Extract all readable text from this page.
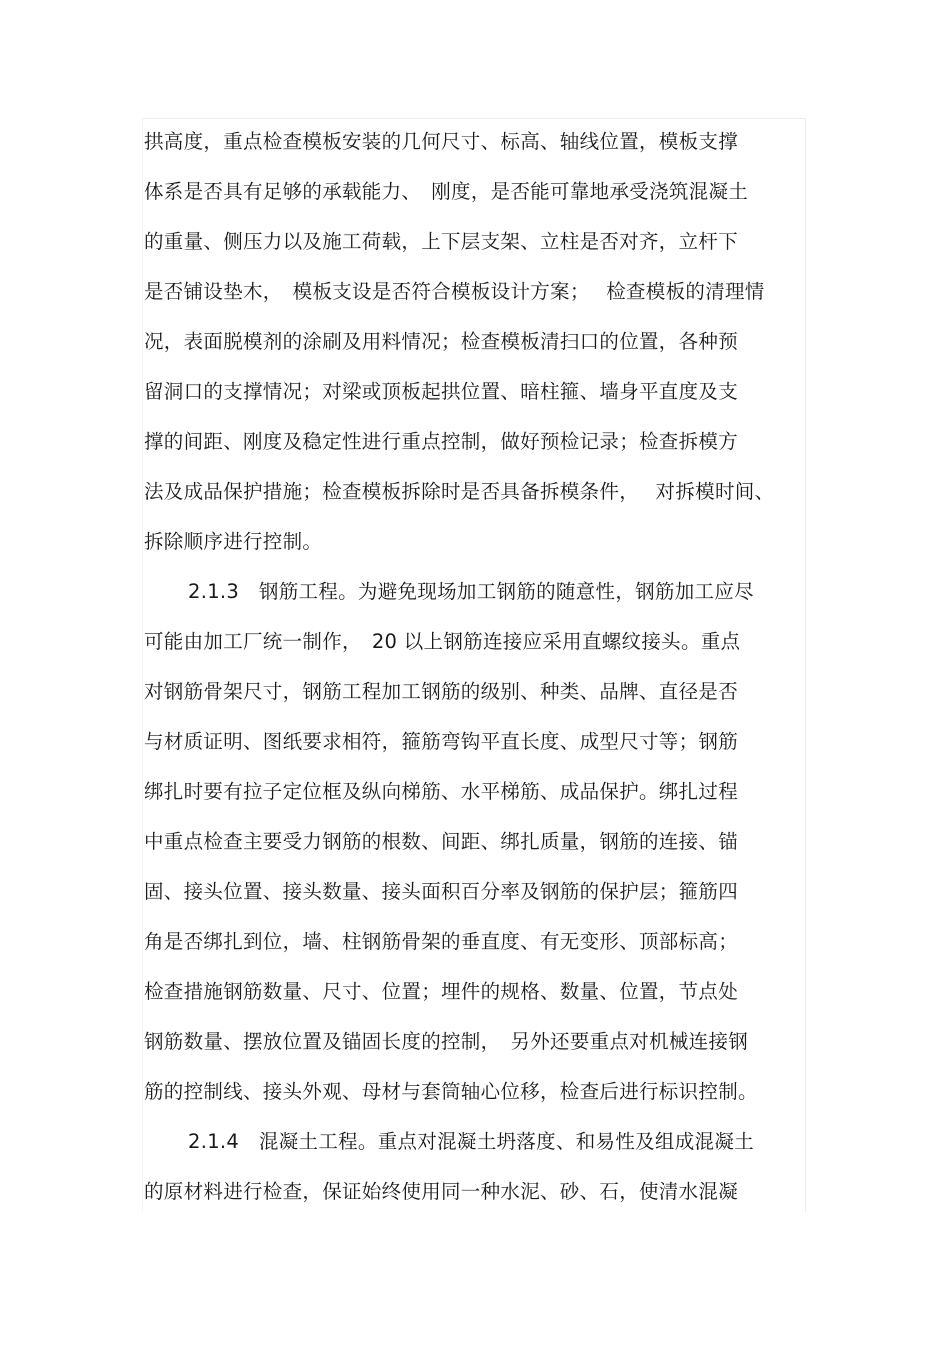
拱高度，重点检查模板安装的几何尺寸、标高、轴线位置，模板支撑
体系是否具有足够的承载能力、　刚度，是否能可靠地承受浇筑混凝土
的重量、侧压力以及施工荷载，上下层支架、立柱是否对齐，立杆下
是否铺设垫木，　模板支设是否符合模板设计方案；　 检查模板的清理情
况，表面脱模剂的涂刷及用料情况；检查模板清扫口的位置，各种预
留洞口的支撑情况；对梁或顶板起拱位置、暗柱箍、墙身平直度及支
撑的间距、刚度及稳定性进行重点控制，做好预检记录；检查拆模方
法及成品保护措施；检查模板拆除时是否具备拆模条件，　 对拆模时间、
拆除顺序进行控制。
2.1.3　钢筋工程。为避免现场加工钢筋的随意性，钢筋加工应尽
可能由加工厂统一制作，　20 以上钢筋连接应采用直螺纹接头。重点
对钢筋骨架尺寸，钢筋工程加工钢筋的级别、种类、品牌、直径是否
与材质证明、图纸要求相符，箍筋弯钩平直长度、成型尺寸等；钢筋
绑扎时要有拉子定位框及纵向梯筋、水平梯筋、成品保护。绑扎过程
中重点检查主要受力钢筋的根数、间距、绑扎质量，钢筋的连接、锚
固、接头位置、接头数量、接头面积百分率及钢筋的保护层；箍筋四
角是否绑扎到位，墙、柱钢筋骨架的垂直度、有无变形、顶部标高；
检查措施钢筋数量、尺寸、位置；埋件的规格、数量、位置，节点处
钢筋数量、摆放位置及锚固长度的控制，　另外还要重点对机械连接钢
筋的控制线、接头外观、母材与套筒轴心位移，检查后进行标识控制。
2.1.4　混凝土工程。重点对混凝土坍落度、和易性及组成混凝土
的原材料进行检查，保证始终使用同一种水泥、砂、石，使清水混凝
